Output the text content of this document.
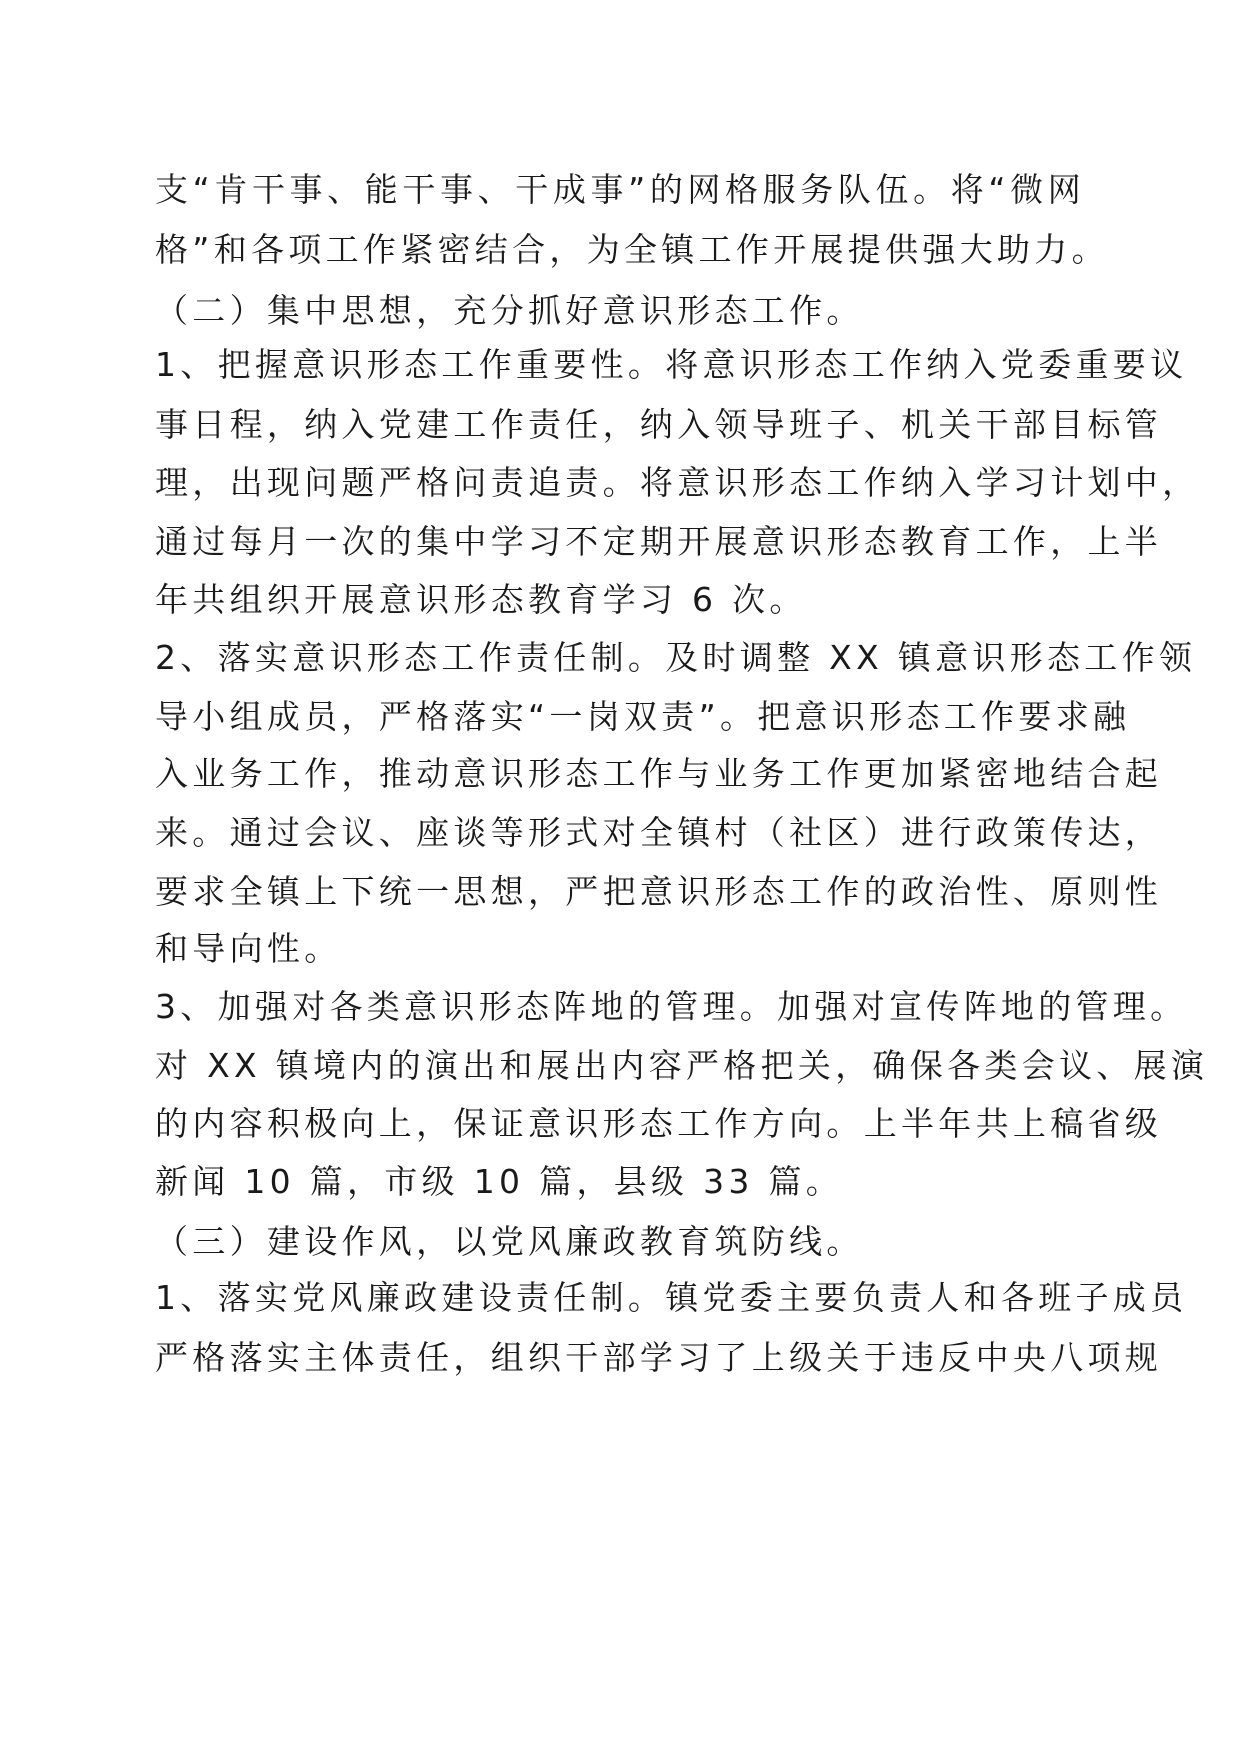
支“肯干事、能干事、干成事”的网格服务队伍。将“微网
格”和各项工作紧密结合，为全镇工作开展提供强大助力。
（二）集中思想，充分抓好意识形态工作。
1、把握意识形态工作重要性。将意识形态工作纳入党委重要议
事日程，纳入党建工作责任，纳入领导班子、机关干部目标管
理，出现问题严格问责追责。将意识形态工作纳入学习计划中，
通过每月一次的集中学习不定期开展意识形态教育工作，上半
年共组织开展意识形态教育学习 6 次。
2、落实意识形态工作责任制。及时调整 XX 镇意识形态工作领
导小组成员，严格落实“一岗双责”。把意识形态工作要求融
入业务工作，推动意识形态工作与业务工作更加紧密地结合起
来。通过会议、座谈等形式对全镇村（社区）进行政策传达，
要求全镇上下统一思想，严把意识形态工作的政治性、原则性
和导向性。
3、加强对各类意识形态阵地的管理。加强对宣传阵地的管理。
对 XX 镇境内的演出和展出内容严格把关，确保各类会议、展演
的内容积极向上，保证意识形态工作方向。上半年共上稿省级
新闻 10 篇，市级 10 篇，县级 33 篇。
（三）建设作风，以党风廉政教育筑防线。
1、落实党风廉政建设责任制。镇党委主要负责人和各班子成员
严格落实主体责任，组织干部学习了上级关于违反中央八项规
